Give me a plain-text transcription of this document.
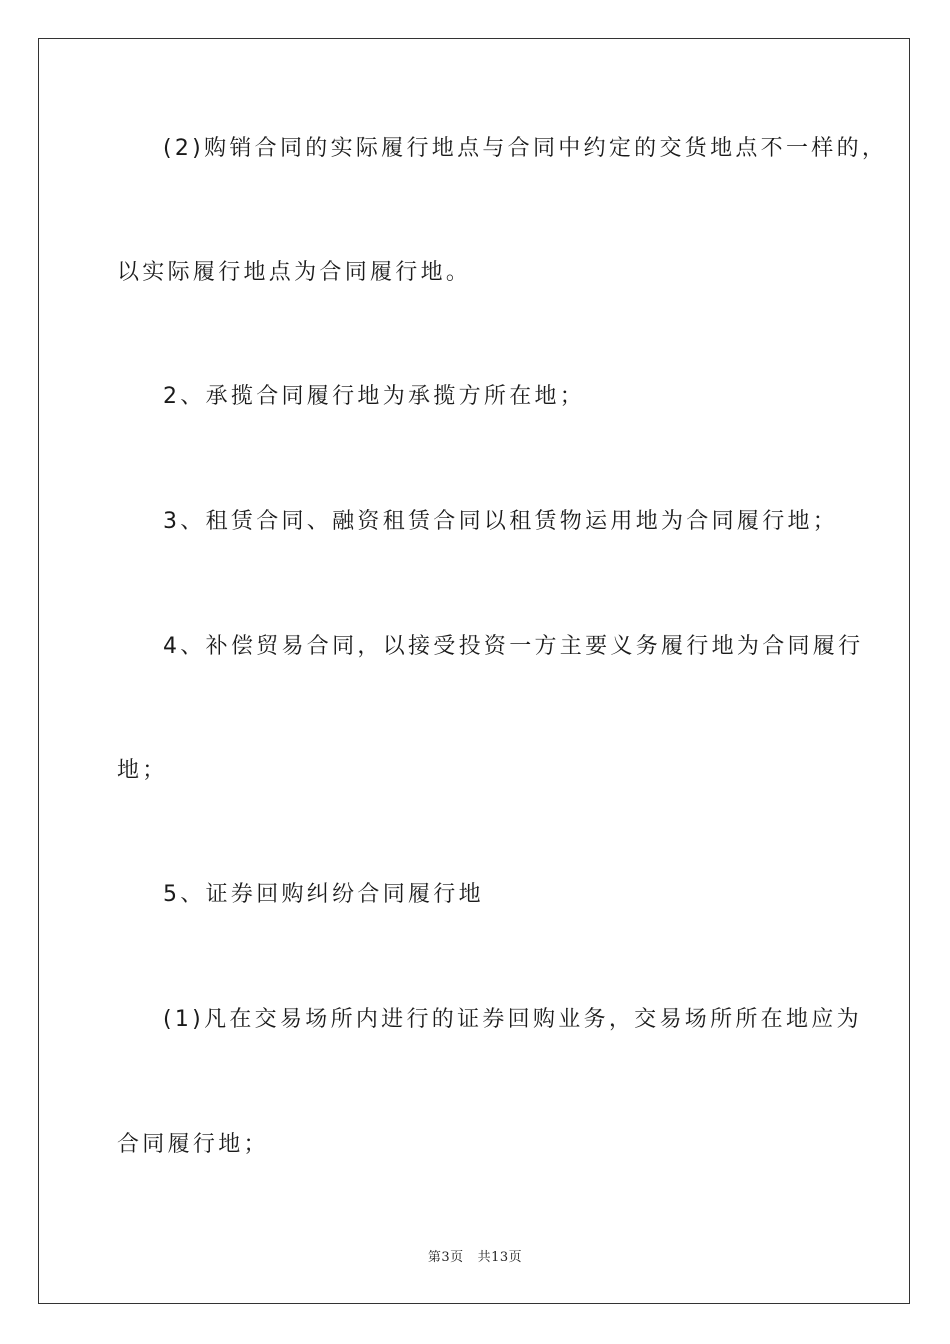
(2)购销合同的实际履行地点与合同中约定的交货地点不一样的，
以实际履行地点为合同履行地。
2、承揽合同履行地为承揽方所在地；
3、租赁合同、融资租赁合同以租赁物运用地为合同履行地；
4、补偿贸易合同，以接受投资一方主要义务履行地为合同履行
地；
5、证券回购纠纷合同履行地
(1)凡在交易场所内进行的证券回购业务，交易场所所在地应为
合同履行地；
第3页 共13页
